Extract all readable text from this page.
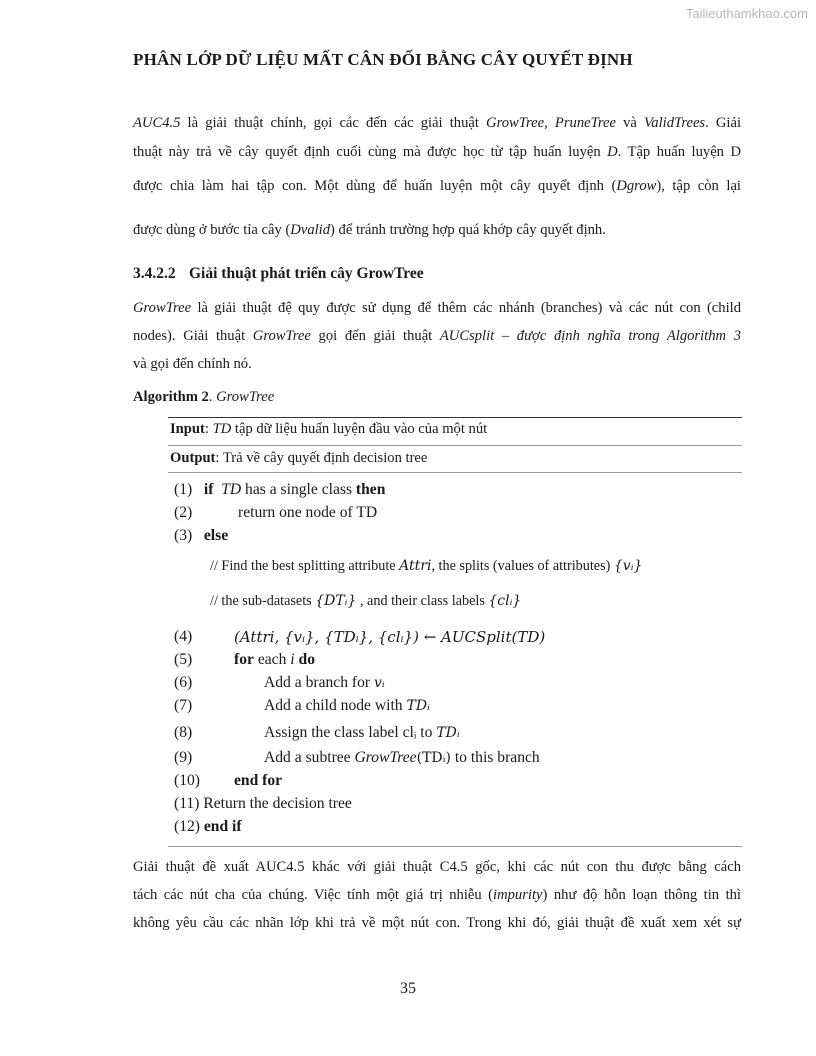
Tailieuthamkhao.com
PHÂN LỚP DỮ LIỆU MẤT CÂN ĐỐI BẰNG CÂY QUYẾT ĐỊNH
AUC4.5 là giải thuật chính, gọi các đến các giải thuật GrowTree, PruneTree và ValidTrees. Giải
thuật này trả về cây quyết định cuối cùng mà được học từ tập huấn luyện D. Tập huấn luyện D
được chia làm hai tập con. Một dùng để huấn luyện một cây quyết định (Dgrow), tập còn lại
được dùng ở bước tỉa cây (Dvalid) để tránh trường hợp quá khớp cây quyết định.
3.4.2.2 Giải thuật phát triển cây GrowTree
GrowTree là giải thuật đệ quy được sử dụng để thêm các nhánh (branches) và các nút con (child
nodes). Giải thuật GrowTree gọi đến giải thuật AUCsplit – được định nghĩa trong Algorithm 3
và gọi đến chính nó.
Algorithm 2. GrowTree
Input: TD tập dữ liệu huấn luyện đầu vào của một nút
Output: Trả về cây quyết định decision tree
(1) if TD has a single class then
(2)	return one node of TD
(3) else
// Find the best splitting attribute Attri, the splits (values of attributes) {vᵢ}
// the sub-datasets {DTᵢ} , and their class labels {clᵢ}
(4)	(Attri, {vᵢ}, {TDᵢ}, {clᵢ}) ← AUCSplit(TD)
(5)	for each i do
(6)	Add a branch for vᵢ
(7)	Add a child node with TDᵢ
(8)	Assign the class label clᵢ to TDᵢ
(9)	Add a subtree GrowTree(TDᵢ) to this branch
(10) end for
(11) Return the decision tree
(12) end if
Giải thuật đề xuất AUC4.5 khác với giải thuật C4.5 gốc, khi các nút con thu được bằng cách
tách các nút cha của chúng. Việc tính một giá trị nhiễu (impurity) như độ hỗn loạn thông tin thì
không yêu cầu các nhãn lớp khi trả về một nút con. Trong khi đó, giải thuật đề xuất xem xét sự
35
